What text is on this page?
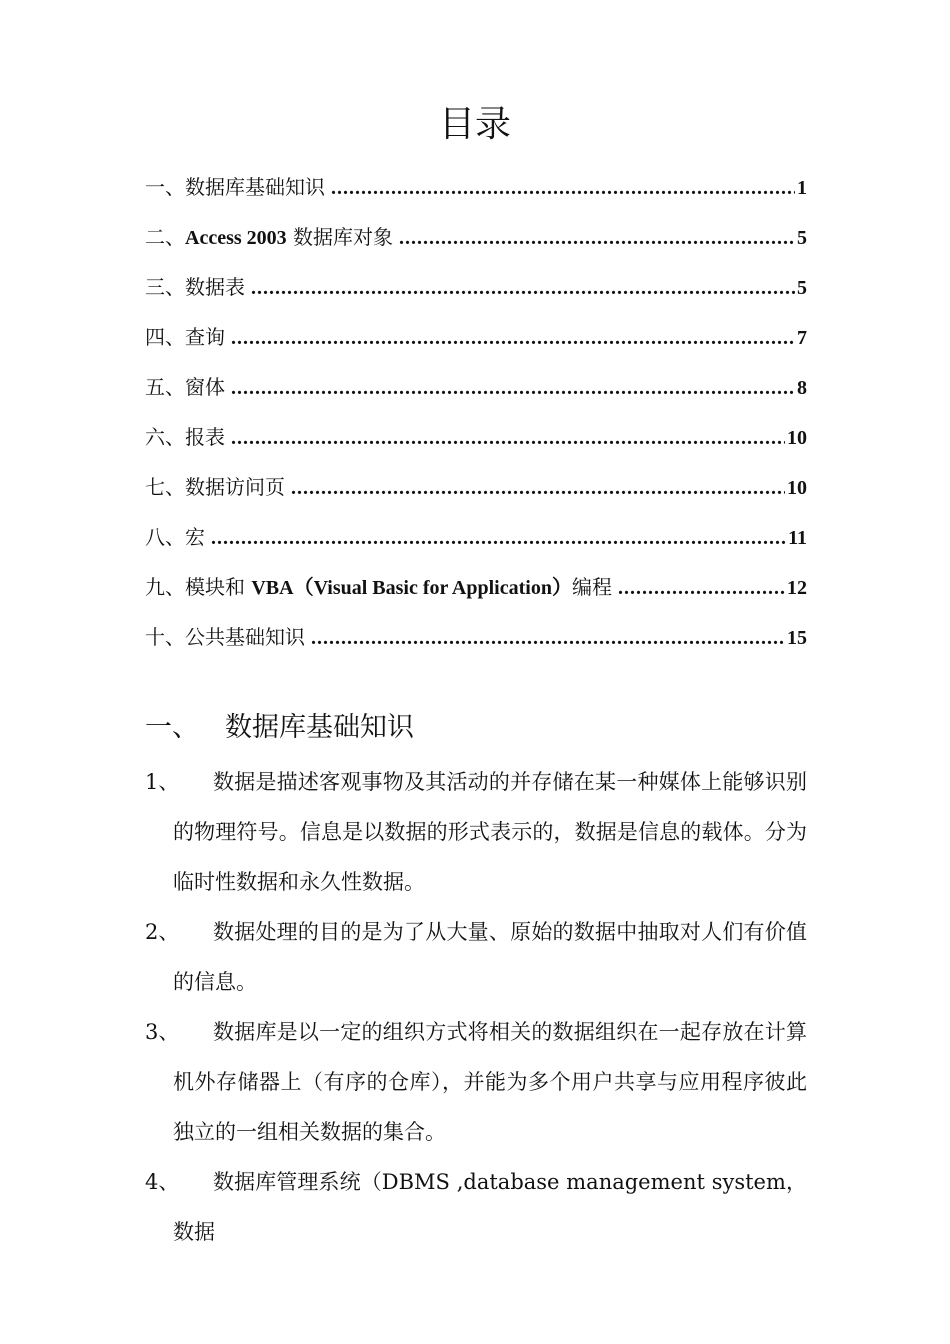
目录
一、 数据库基础知识 .....	1
二、 Access 2003 数据库对象 .....	5
三、 数据表 .....	5
四、 查询 .....	7
五、 窗体 .....	8
六、 报表 .....	10
七、 数据访问页 .....	10
八、 宏 .....	11
九、 模块和 VBA（Visual Basic for Application）编程 .....	12
十、 公共基础知识 .....	15
一、 数据库基础知识
1、	数据是描述客观事物及其活动的并存储在某一种媒体上能够识别的物理符号。信息是以数据的形式表示的，数据是信息的载体。分为临时性数据和永久性数据。
2、	数据处理的目的是为了从大量、原始的数据中抽取对人们有价值的信息。
3、	数据库是以一定的组织方式将相关的数据组织在一起存放在计算机外存储器上（有序的仓库），并能为多个用户共享与应用程序彼此独立的一组相关数据的集合。
4、	数据库管理系统（DBMS ,database management system，数据
